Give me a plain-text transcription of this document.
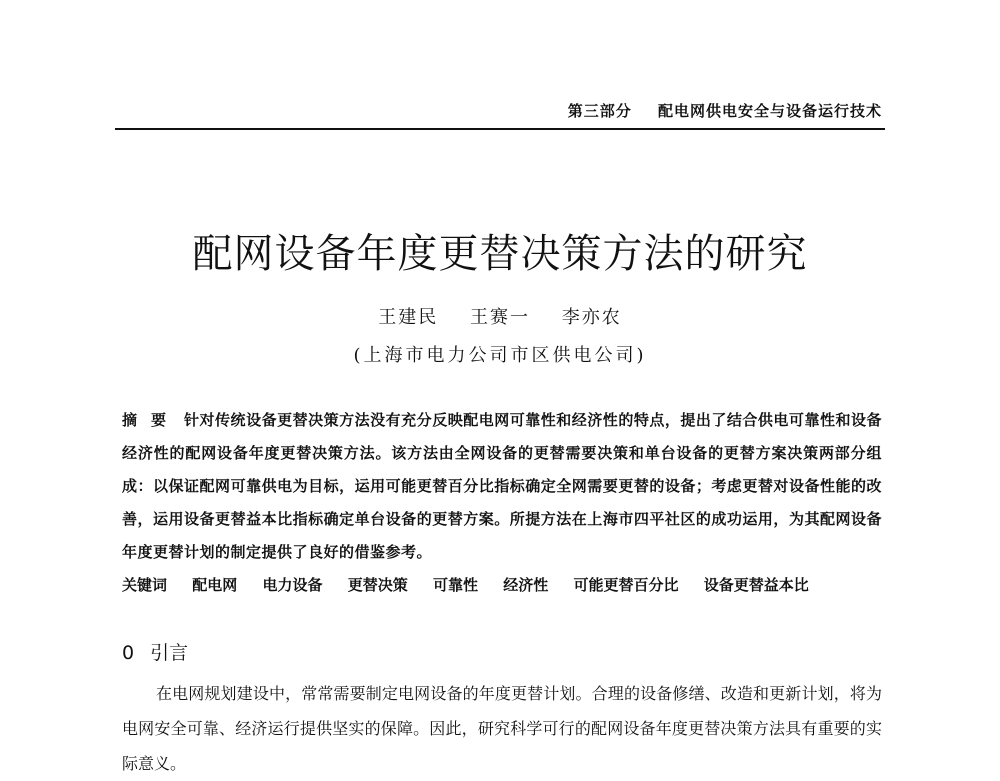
第三部分 配电网供电安全与设备运行技术
配网设备年度更替决策方法的研究
王建民 王赛一 李亦农
(上海市电力公司市区供电公司)
摘要 针对传统设备更替决策方法没有充分反映配电网可靠性和经济性的特点，提出了结合供电可靠性和设备经济性的配网设备年度更替决策方法。该方法由全网设备的更替需要决策和单台设备的更替方案决策两部分组成：以保证配网可靠供电为目标，运用可能更替百分比指标确定全网需要更替的设备；考虑更替对设备性能的改善，运用设备更替益本比指标确定单台设备的更替方案。所提方法在上海市四平社区的成功运用，为其配网设备年度更替计划的制定提供了良好的借鉴参考。
关键词 配电网 电力设备 更替决策 可靠性 经济性 可能更替百分比 设备更替益本比
0 引言
在电网规划建设中，常常需要制定电网设备的年度更替计划。合理的设备修缮、改造和更新计划，将为电网安全可靠、经济运行提供坚实的保障。因此，研究科学可行的配网设备年度更替决策方法具有重要的实际意义。
